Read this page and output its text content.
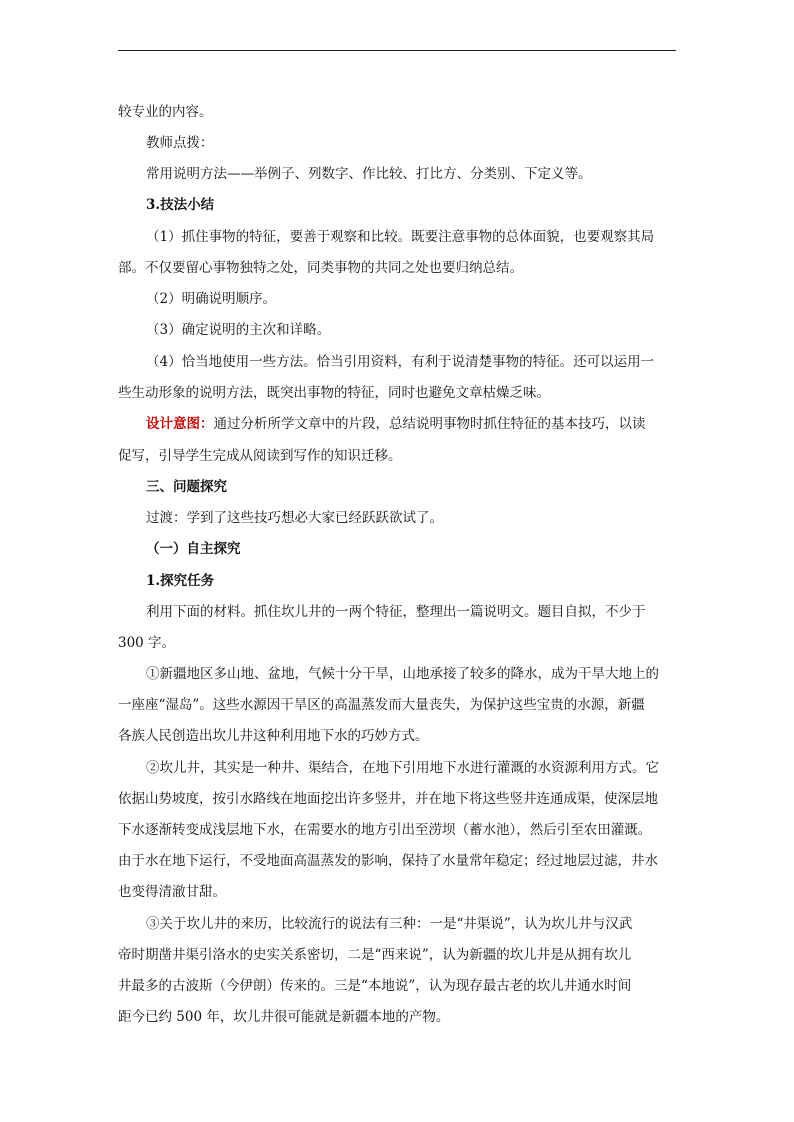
较专业的内容。
教师点拨：
常用说明方法——举例子、列数字、作比较、打比方、分类别、下定义等。
3.技法小结
（1）抓住事物的特征，要善于观察和比较。既要注意事物的总体面貌，也要观察其局
部。不仅要留心事物独特之处，同类事物的共同之处也要归纳总结。
（2）明确说明顺序。
（3）确定说明的主次和详略。
（4）恰当地使用一些方法。恰当引用资料，有利于说清楚事物的特征。还可以运用一
些生动形象的说明方法，既突出事物的特征，同时也避免文章枯燥乏味。
设计意图：通过分析所学文章中的片段，总结说明事物时抓住特征的基本技巧，以读
促写，引导学生完成从阅读到写作的知识迁移。
三、问题探究
过渡：学到了这些技巧想必大家已经跃跃欲试了。
（一）自主探究
1.探究任务
利用下面的材料。抓住坎儿井的一两个特征，整理出一篇说明文。题目自拟，不少于
300 字。
①新疆地区多山地、盆地，气候十分干旱，山地承接了较多的降水，成为干旱大地上的
一座座“湿岛”。这些水源因干旱区的高温蒸发而大量丧失，为保护这些宝贵的水源，新疆
各族人民创造出坎儿井这种利用地下水的巧妙方式。
②坎儿井，其实是一种井、渠结合，在地下引用地下水进行灌溉的水资源利用方式。它
依据山势坡度，按引水路线在地面挖出许多竖井，并在地下将这些竖井连通成渠，使深层地
下水逐渐转变成浅层地下水，在需要水的地方引出至涝坝（蓄水池），然后引至农田灌溉。
由于水在地下运行，不受地面高温蒸发的影响，保持了水量常年稳定；经过地层过滤，井水
也变得清澈甘甜。
③关于坎儿井的来历，比较流行的说法有三种：一是“井渠说”，认为坎儿井与汉武
帝时期凿井渠引洛水的史实关系密切，二是“西来说”，认为新疆的坎儿井是从拥有坎儿
井最多的古波斯（今伊朗）传来的。三是“本地说”，认为现存最古老的坎儿井通水时间
距今已约 500 年，坎儿井很可能就是新疆本地的产物。
